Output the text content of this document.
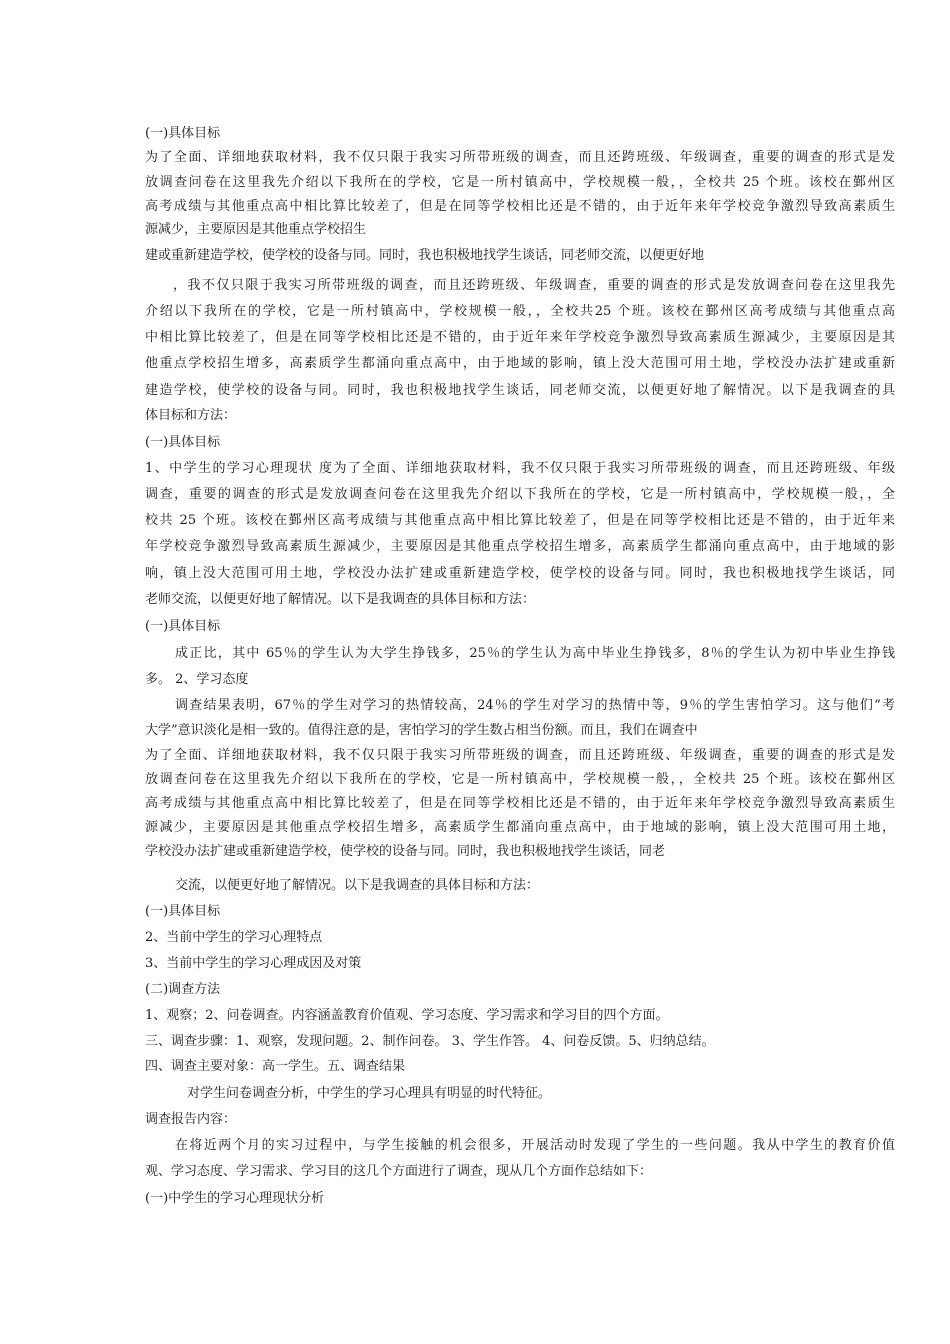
(一)具体目标
为了全面、详细地获取材料，我不仅只限于我实习所带班级的调查，而且还跨班级、年级调查，重要的调查的形式是发
放调查问卷在这里我先介绍以下我所在的学校，它是一所村镇高中，学校规模一般，，全校共 25 个班。该校在鄞州区
高考成绩与其他重点高中相比算比较差了，但是在同等学校相比还是不错的，由于近年来年学校竞争激烈导致高素质生
源减少，主要原因是其他重点学校招生
建或重新建造学校，使学校的设备与同。同时，我也积极地找学生谈话，同老师交流，以便更好地
，我不仅只限于我实习所带班级的调查，而且还跨班级、年级调查，重要的调查的形式是发放调查问卷在这里我先
介绍以下我所在的学校，它是一所村镇高中，学校规模一般，，全校共25 个班。该校在鄞州区高考成绩与其他重点高
中相比算比较差了，但是在同等学校相比还是不错的，由于近年来年学校竞争激烈导致高素质生源减少，主要原因是其
他重点学校招生增多，高素质学生都涌向重点高中，由于地域的影响，镇上没大范围可用土地，学校没办法扩建或重新
建造学校，使学校的设备与同。同时，我也积极地找学生谈话，同老师交流，以便更好地了解情况。以下是我调查的具
体目标和方法：
(一)具体目标
1、中学生的学习心理现状 度为了全面、详细地获取材料，我不仅只限于我实习所带班级的调查，而且还跨班级、年级
调查，重要的调查的形式是发放调查问卷在这里我先介绍以下我所在的学校，它是一所村镇高中，学校规模一般，，全
校共 25 个班。该校在鄞州区高考成绩与其他重点高中相比算比较差了，但是在同等学校相比还是不错的，由于近年来
年学校竞争激烈导致高素质生源减少，主要原因是其他重点学校招生增多，高素质学生都涌向重点高中，由于地域的影
响，镇上没大范围可用土地，学校没办法扩建或重新建造学校，使学校的设备与同。同时，我也积极地找学生谈话，同
老师交流，以便更好地了解情况。以下是我调查的具体目标和方法：
(一)具体目标
成正比，其中 65％的学生认为大学生挣钱多，25％的学生认为高中毕业生挣钱多，8％的学生认为初中毕业生挣钱
多。 2、学习态度
调查结果表明，67％的学生对学习的热情较高，24％的学生对学习的热情中等，9％的学生害怕学习。这与他们“考
大学”意识淡化是相一致的。值得注意的是，害怕学习的学生数占相当份额。而且，我们在调查中
为了全面、详细地获取材料，我不仅只限于我实习所带班级的调查，而且还跨班级、年级调查，重要的调查的形式是发
放调查问卷在这里我先介绍以下我所在的学校，它是一所村镇高中，学校规模一般，，全校共 25 个班。该校在鄞州区
高考成绩与其他重点高中相比算比较差了，但是在同等学校相比还是不错的，由于近年来年学校竞争激烈导致高素质生
源减少，主要原因是其他重点学校招生增多，高素质学生都涌向重点高中，由于地域的影响，镇上没大范围可用土地，
学校没办法扩建或重新建造学校，使学校的设备与同。同时，我也积极地找学生谈话，同老
交流，以便更好地了解情况。以下是我调查的具体目标和方法：
(一)具体目标
2、当前中学生的学习心理特点
3、当前中学生的学习心理成因及对策
(二)调查方法
1、观察；2、问卷调查。内容涵盖教育价值观、学习态度、学习需求和学习目的四个方面。
三、调查步骤：1、观察，发现问题。2、制作问卷。 3、学生作答。 4、问卷反馈。5、归纳总结。
四、调查主要对象：高一学生。五、调查结果
对学生问卷调查分析，中学生的学习心理具有明显的时代特征。
调查报告内容：
在将近两个月的实习过程中，与学生接触的机会很多，开展活动时发现了学生的一些问题。我从中学生的教育价值
观、学习态度、学习需求、学习目的这几个方面进行了调查，现从几个方面作总结如下：
(一)中学生的学习心理现状分析
